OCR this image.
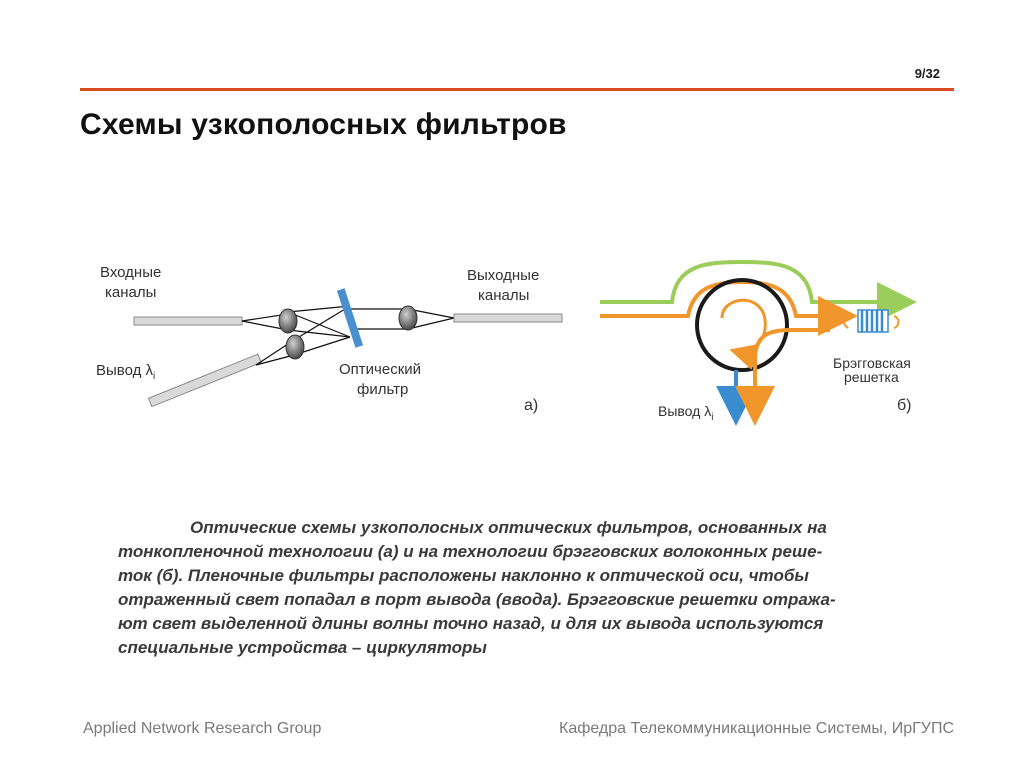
9/32
Схемы узкополосных фильтров
Входные
каналы
Выходные
каналы
Вывод $\lambda_i$	Оптический
фильтр
а)
Брэгговская
решетка
Вывод $\lambda_i$
б)
Оптические схемы узкополосных оптических фильтров, основанных на
тонкопленочной технологии (а) и на технологии брэгговских волоконных реше-
ток (б). Пленочные фильтры расположены наклонно к оптической оси, чтобы
отраженный свет попадал в порт вывода (ввода). Брэгговские решетки отража-
ют свет выделенной длины волны точно назад, и для их вывода используются
специальные устройства – циркуляторы
Applied Network Research Group	Кафедра Телекоммуникационные Системы, ИрГУПС
